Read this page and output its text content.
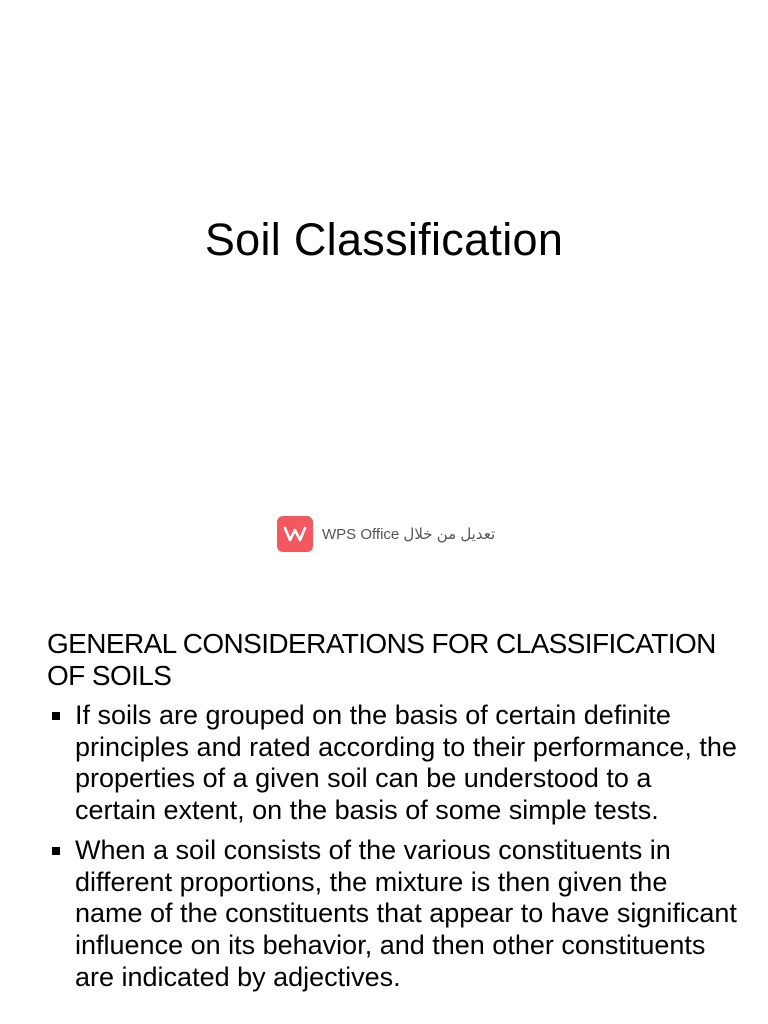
Soil Classification
تعديل من خلال WPS Office
GENERAL CONSIDERATIONS FOR CLASSIFICATION OF SOILS
If soils are grouped on the basis of certain definite principles and rated according to their performance, the properties of a given soil can be understood to a certain extent, on the basis of some simple tests.
When a soil consists of the various constituents in different proportions, the mixture is then given the name of the constituents that appear to have significant influence on its behavior, and then other constituents are indicated by adjectives.
